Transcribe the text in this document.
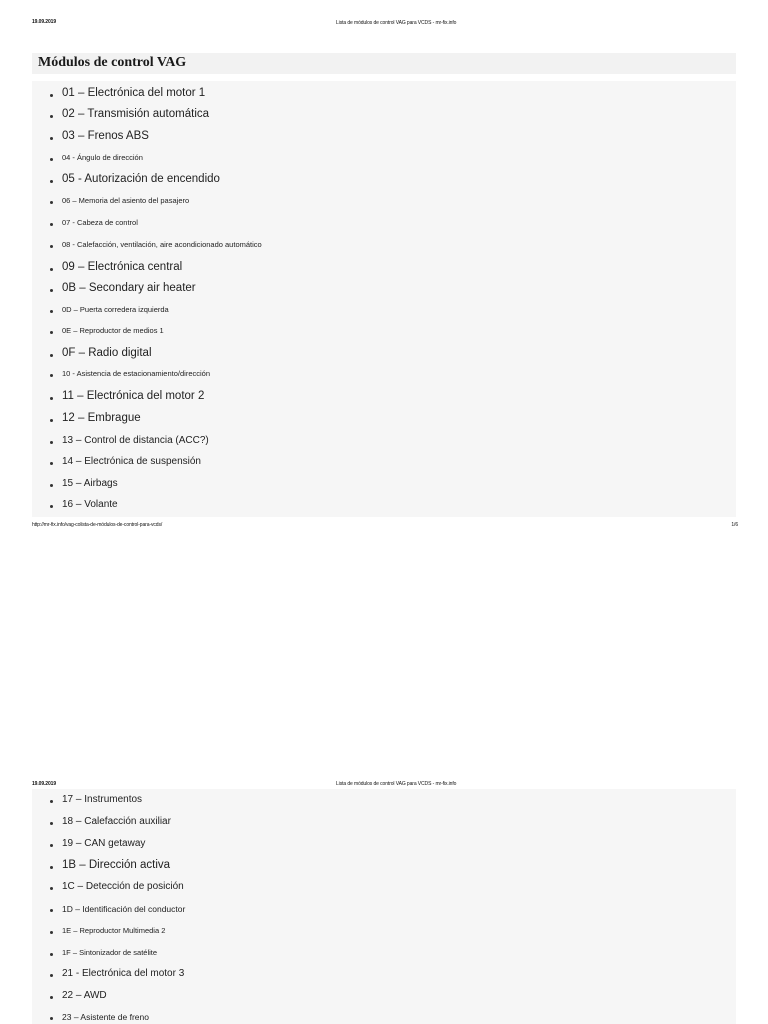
19.09.2019	Lista de módulos de control VAG para VCDS - mr-fix.info
Módulos de control VAG
01 – Electrónica del motor 1
02 – Transmisión automática
03 – Frenos ABS
04 - Ángulo de dirección
05 - Autorización de encendido
06 – Memoria del asiento del pasajero
07 - Cabeza de control
08 - Calefacción, ventilación, aire acondicionado automático
09 – Electrónica central
0B – Secondary air heater
0D – Puerta corredera izquierda
0E – Reproductor de medios 1
0F – Radio digital
10 - Asistencia de estacionamiento/dirección
11 – Electrónica del motor 2
12 – Embrague
13 – Control de distancia (ACC?)
14 – Electrónica de suspensión
15 – Airbags
16 – Volante
http://mr-fix.info/vag-colista-de-módulos-de-control-para-vcds/	1/6
19.09.2019	Lista de módulos de control VAG para VCDS - mr-fix.info
17 – Instrumentos
18 – Calefacción auxiliar
19 – CAN getaway
1B – Dirección activa
1C – Detección de posición
1D – Identificación del conductor
1E – Reproductor Multimedia 2
1F – Sintonizador de satélite
21 - Electrónica del motor 3
22 – AWD
23 – Asistente de freno
